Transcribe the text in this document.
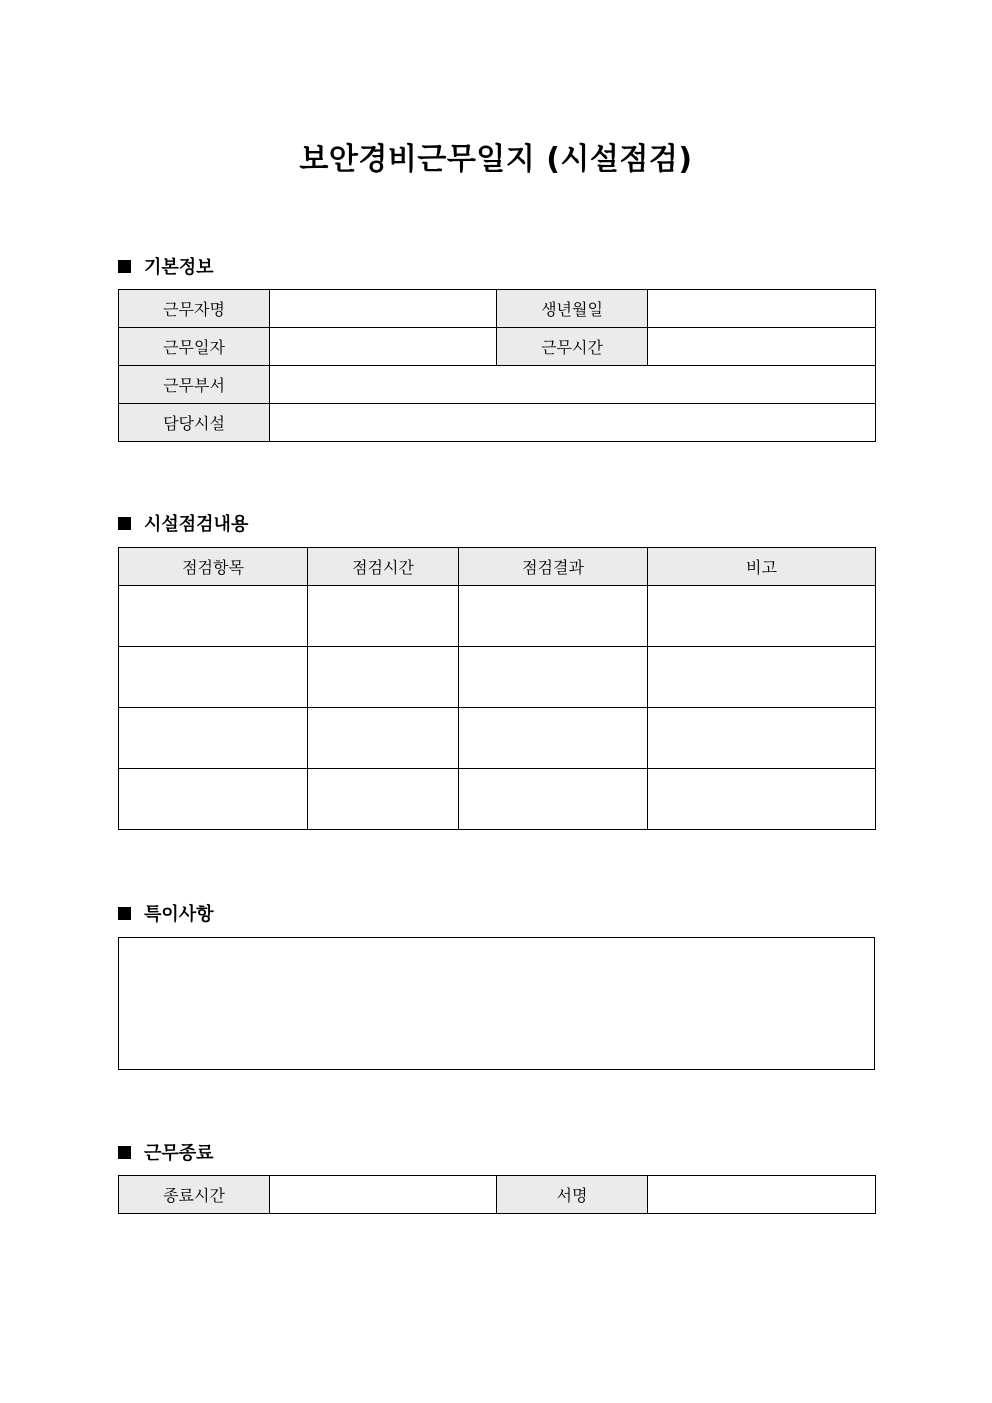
보안경비근무일지 (시설점검)
기본정보
근무자명		생년월일	
근무일자		근무시간	
근무부서			
담당시설			
시설점검내용
점검항목	점검시간	점검결과	비고

특이사항
근무종료
종료시간		서명	
